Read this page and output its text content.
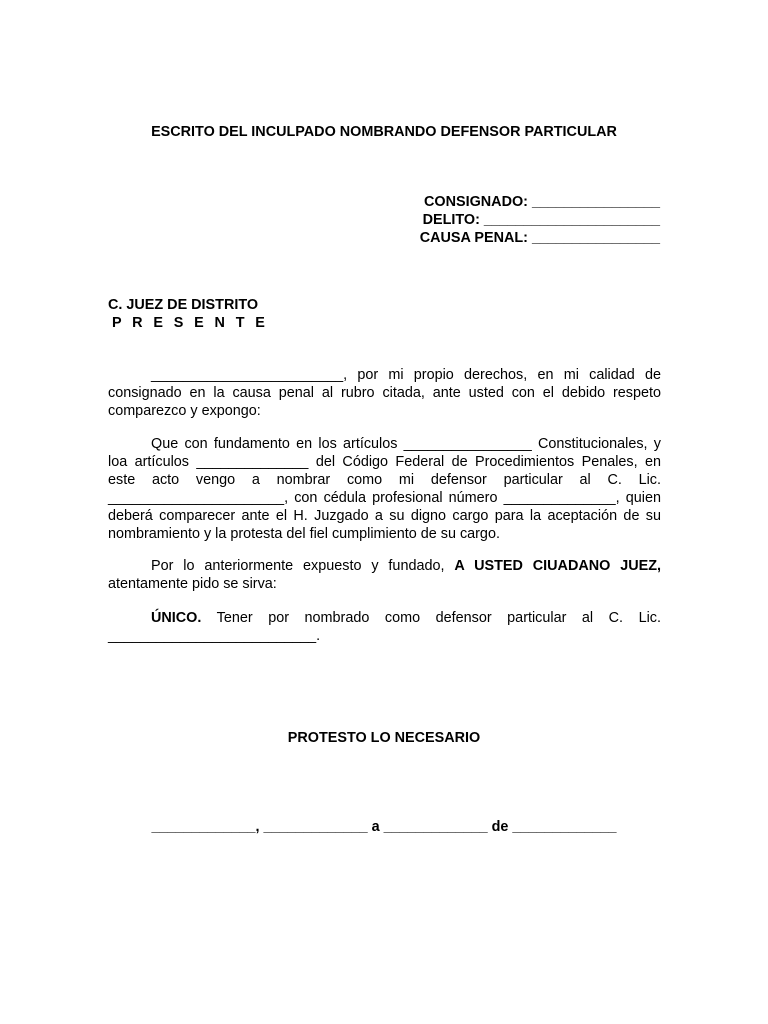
ESCRITO DEL INCULPADO NOMBRANDO DEFENSOR PARTICULAR
CONSIGNADO: ________________
DELITO: ______________________
CAUSA PENAL: ________________
C. JUEZ DE DISTRITO
P R E S E N T E
________________________, por mi propio derechos, en mi calidad de consignado en la causa penal al rubro citada, ante usted con el debido respeto comparezco y expongo:
Que con fundamento en los artículos ________________ Constitucionales, y loa artículos ______________ del Código Federal de Procedimientos Penales, en este acto vengo a nombrar como mi defensor particular al C. Lic. ______________________, con cédula profesional número ______________, quien deberá comparecer ante el H. Juzgado a su digno cargo para la aceptación de su nombramiento y la protesta del fiel cumplimiento de su cargo.
Por lo anteriormente expuesto y fundado, A USTED CIUADANO JUEZ, atentamente pido se sirva:
ÚNICO. Tener por nombrado como defensor particular al C. Lic. __________________________.
PROTESTO LO NECESARIO
_____________, _____________ a _____________ de _____________
